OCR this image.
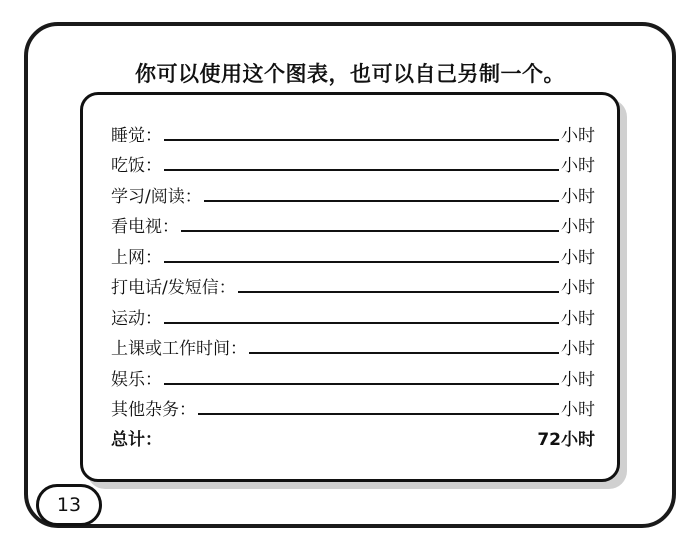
你可以使用这个图表，也可以自己另制一个。
睡觉：	小时
吃饭：	小时
学习/阅读：	小时
看电视：	小时
上网：	小时
打电话/发短信：	小时
运动：	小时
上课或工作时间：	小时
娱乐：	小时
其他杂务：	小时
总计：	72小时
13
